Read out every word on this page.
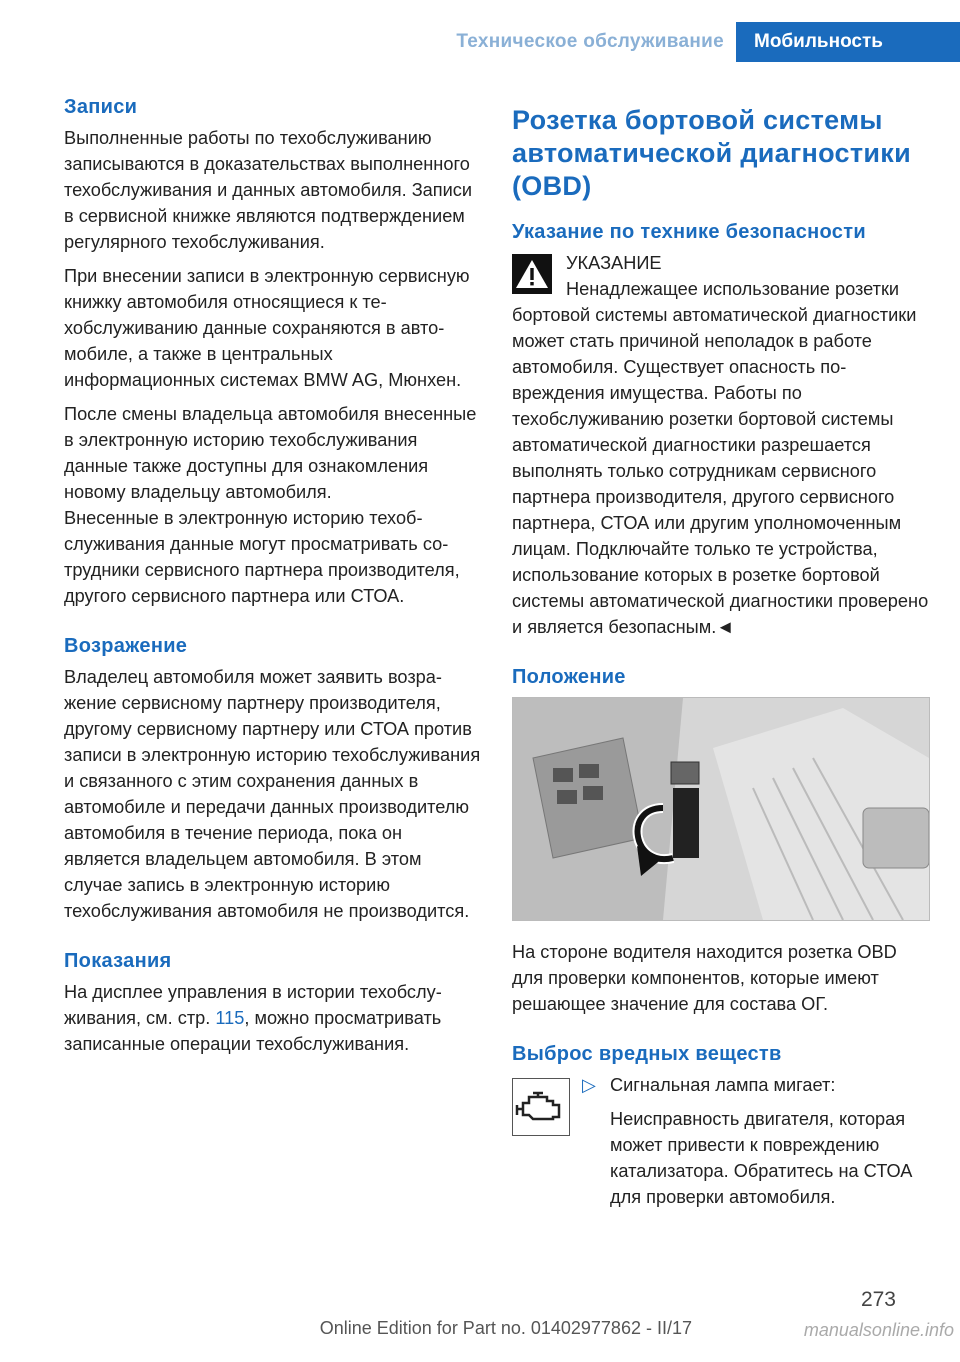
Техническое обслуживание	Мобильность
Записи

Выполненные работы по техобслуживанию записываются в доказательствах выполненного техобслуживания и данных автомобиля. Записи в сервисной книжке являются подтверждением регулярного техобслуживания.

При внесении записи в электронную сервисную книжку автомобиля относящиеся к техобслуживанию данные сохраняются в автомобиле, а также в центральных информационных системах BMW AG, Мюнхен.

После смены владельца автомобиля внесенные в электронную историю техобслуживания данные также доступны для ознакомления новому владельцу автомобиля.

Внесенные в электронную историю техобслуживания данные могут просматривать сотрудники сервисного партнера производителя, другого сервисного партнера или СТОА.

Возражение

Владелец автомобиля может заявить возражение сервисному партнеру производителя, другому сервисному партнеру или СТОА против записи в электронную историю техобслуживания и связанного с этим сохранения данных в автомобиле и передачи данных производителю автомобиля в течение периода, пока он является владельцем автомобиля. В этом случае запись в электронную историю техобслуживания автомобиля не производится.

Показания

На дисплее управления в истории техобслуживания, см. стр. 115, можно просматривать записанные операции техобслуживания.

Розетка бортовой системы автоматической диагностики (OBD)
Указание по технике безопасности

УКАЗАНИЕ

Ненадлежащее использование розетки бортовой системы автоматической диагностики может стать причиной неполадок в работе автомобиля. Существует опасность повреждения имущества. Работы по техобслуживанию розетки бортовой системы автоматической диагностики разрешается выполнять только сотрудникам сервисного партнера производителя, другого сервисного партнера, СТОА или другим уполномоченным лицам. Подключайте только те устройства, использование которых в розетке бортовой системы автоматической диагностики проверено и является безопасным.◄

Положение

На стороне водителя находится розетка OBD для проверки компонентов, которые имеют решающее значение для состава ОГ.

Выброс вредных веществ
▷ Сигнальная лампа мигает:

Неисправность двигателя, которая может привести к повреждению катализатора. Обратитесь на СТОА для проверки автомобиля.

273
Online Edition for Part no. 01402977862 - II/17	manualsonline.info
